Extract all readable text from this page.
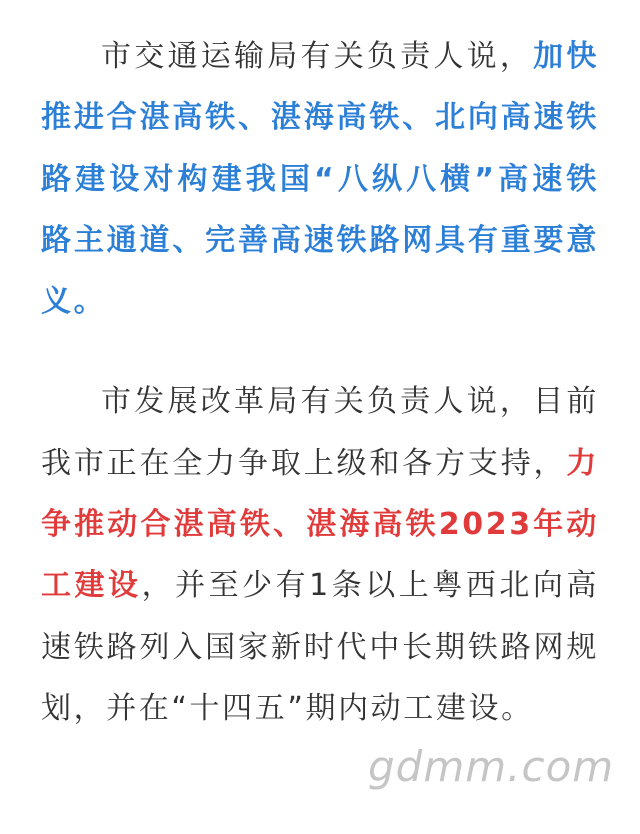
市交通运输局有关负责人说，加快推进合湛高铁、湛海高铁、北向高速铁路建设对构建我国“八纵八横”高速铁路主通道、完善高速铁路网具有重要意义。

市发展改革局有关负责人说，目前我市正在全力争取上级和各方支持，力争推动合湛高铁、湛海高铁2023年动工建设，并至少有1条以上粤西北向高速铁路列入国家新时代中长期铁路网规划，并在“十四五”期内动工建设。

gdmm.com
